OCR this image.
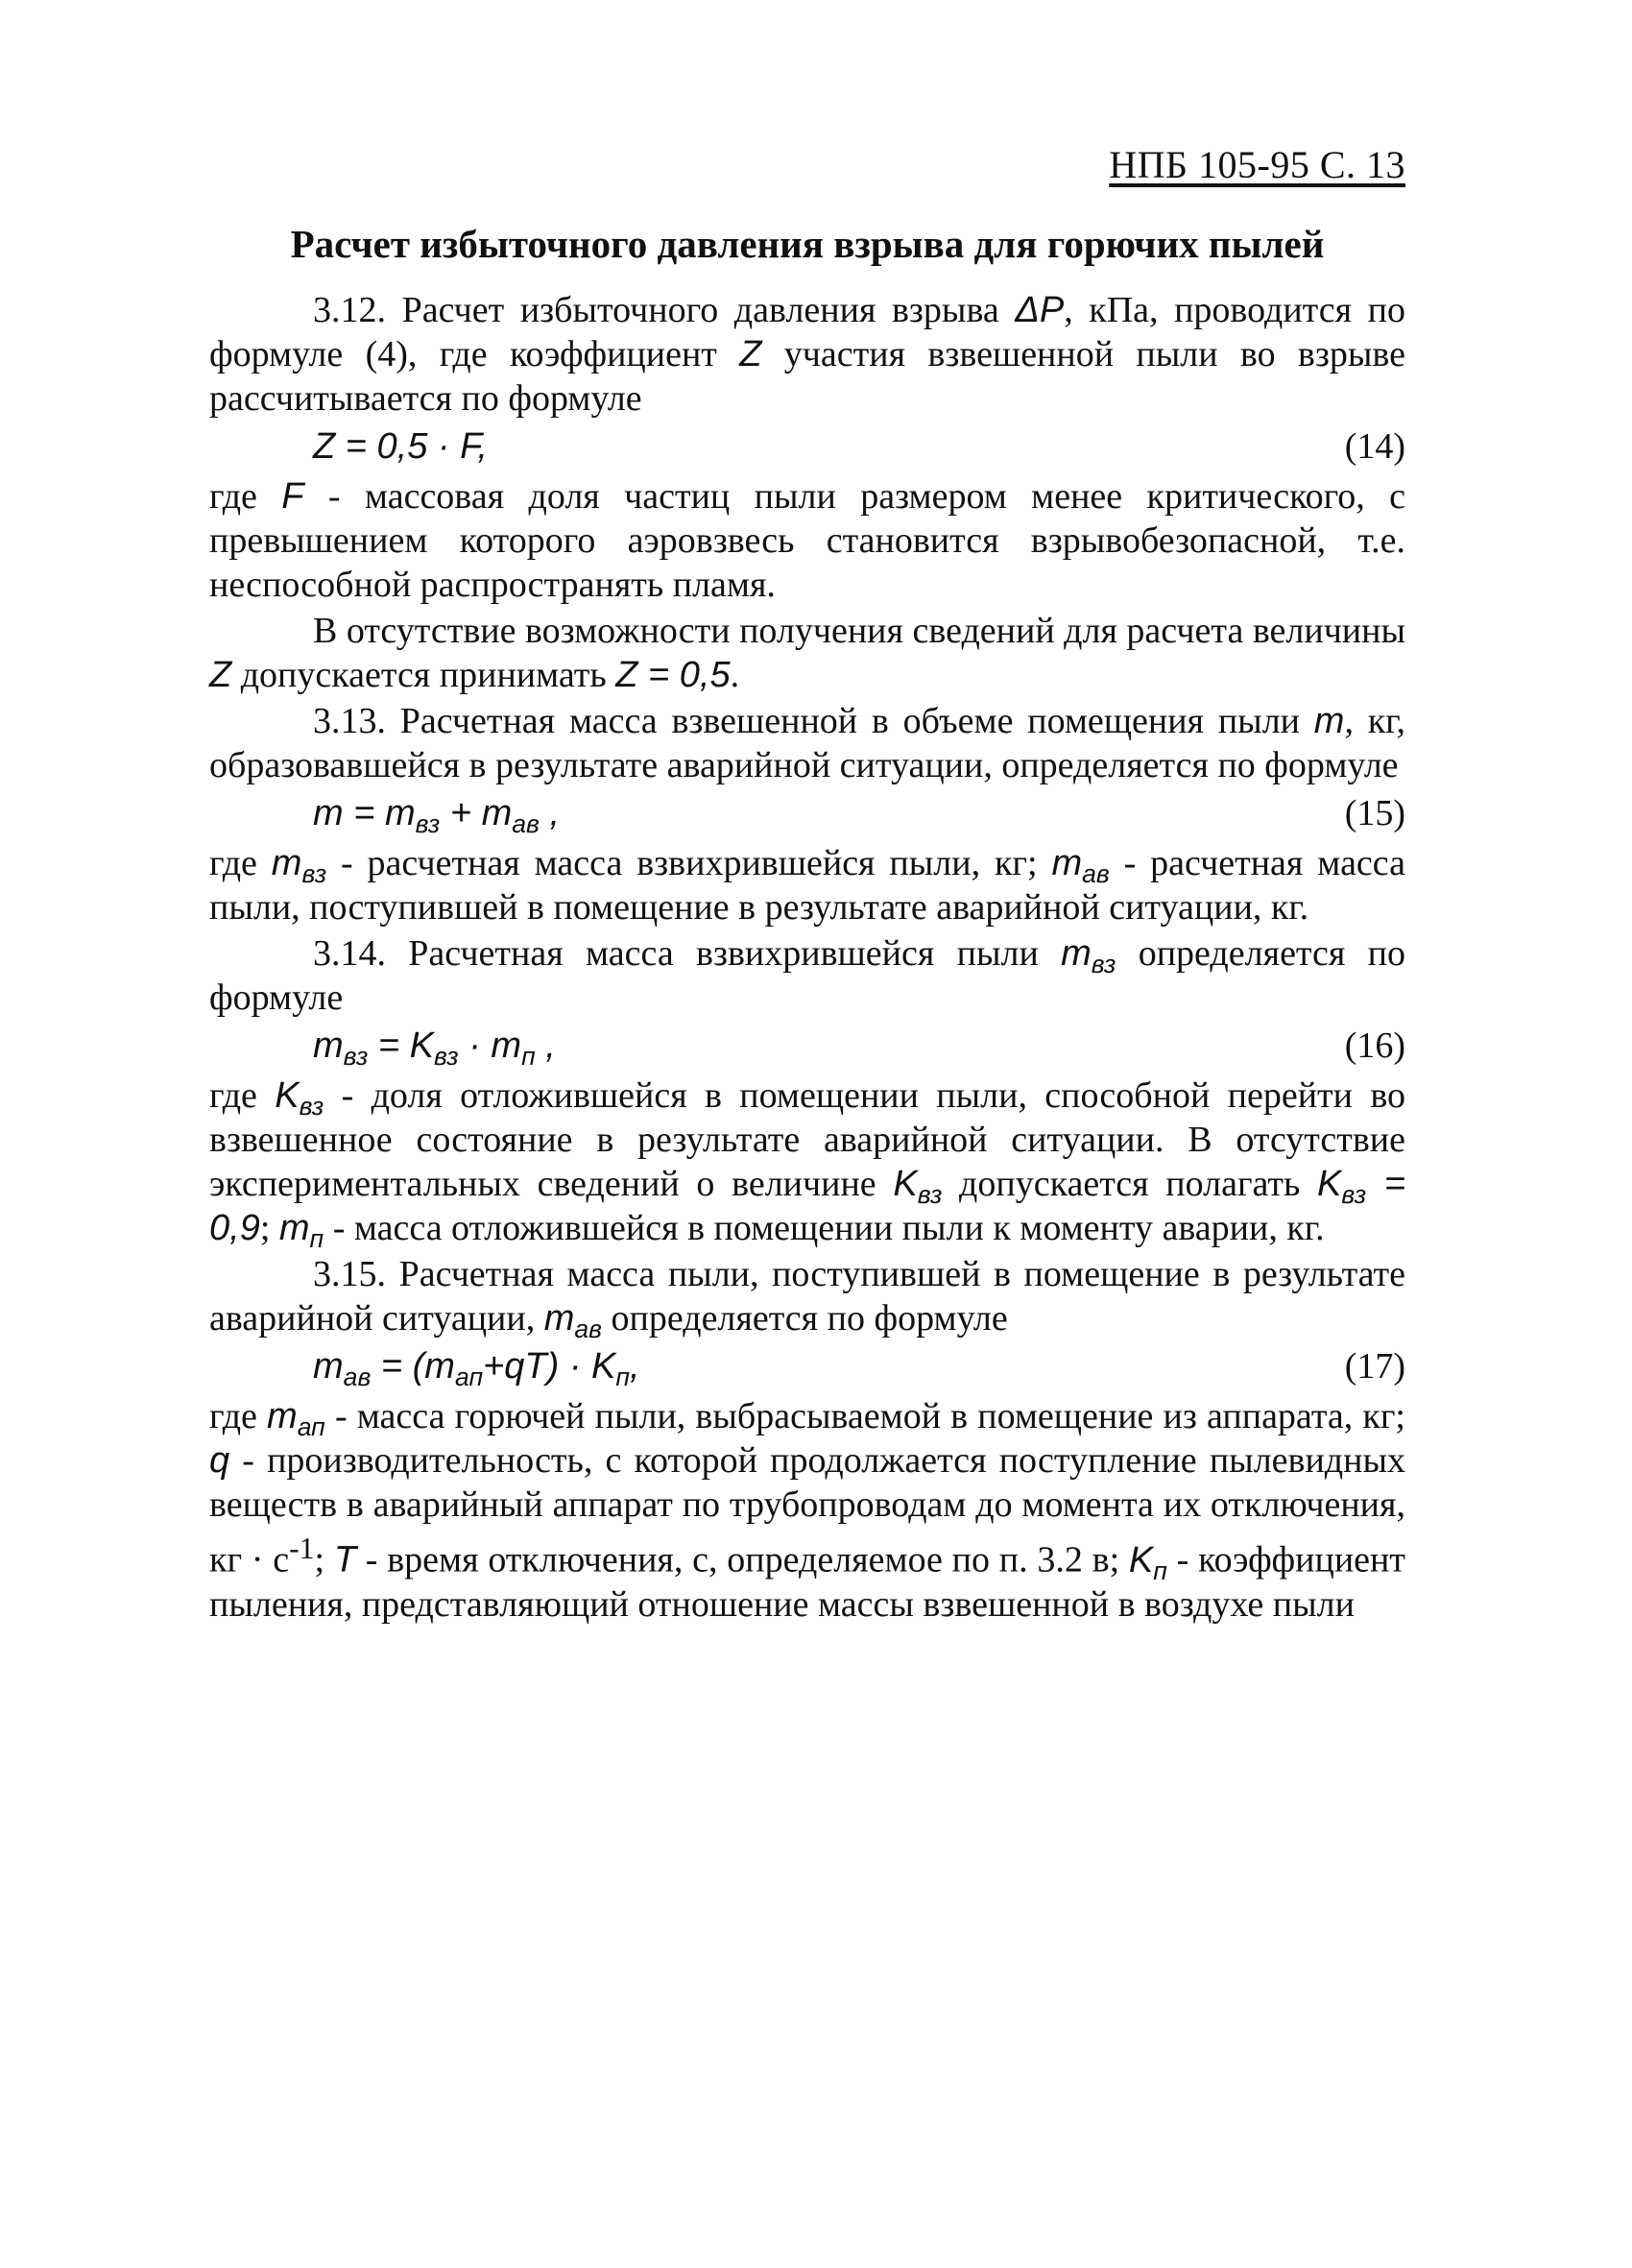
НПБ 105-95 С. 13
Расчет избыточного давления взрыва для горючих пылей

3.12. Расчет избыточного давления взрыва ΔP, кПа, проводится по формуле (4), где коэффициент Z участия взвешенной пыли во взрыве рассчитывается по формуле

Z = 0,5 · F,	(14)

где F - массовая доля частиц пыли размером менее критического, с превышением которого аэровзвесь становится взрывобезопасной, т.е. неспособной распространять пламя.

В отсутствие возможности получения сведений для расчета величины Z допускается принимать Z = 0,5.

3.13. Расчетная масса взвешенной в объеме помещения пыли m, кг, образовавшейся в результате аварийной ситуации, определяется по формуле

$m = m_{вз} + m_{ав}$ ,	(15)

где $m_{вз}$ - расчетная масса взвихрившейся пыли, кг; $m_{ав}$ - расчетная масса пыли, поступившей в помещение в результате аварийной ситуации, кг.

3.14. Расчетная масса взвихрившейся пыли $m_{вз}$ определяется по формуле

$m_{вз} = K_{вз} \cdot m_п$ ,	(16)

где $K_{вз}$ - доля отложившейся в помещении пыли, способной перейти во взвешенное состояние в результате аварийной ситуации. В отсутствие экспериментальных сведений о величине $K_{вз}$ допускается полагать $K_{вз} = 0,9$; $m_п$ - масса отложившейся в помещении пыли к моменту аварии, кг.

3.15. Расчетная масса пыли, поступившей в помещение в результате аварийной ситуации, $m_{ав}$ определяется по формуле

$m_{ав} = (m_{ап}+qT) \cdot K_п$,	(17)

где $m_{ап}$ - масса горючей пыли, выбрасываемой в помещение из аппарата, кг; q - производительность, с которой продолжается поступление пылевидных веществ в аварийный аппарат по трубопроводам до момента их отключения, кг · $с^{-1}$; T - время отключения, с, определяемое по п. 3.2 в; $K_п$ - коэффициент пыления, представляющий отношение массы взвешенной в воздухе пыли
